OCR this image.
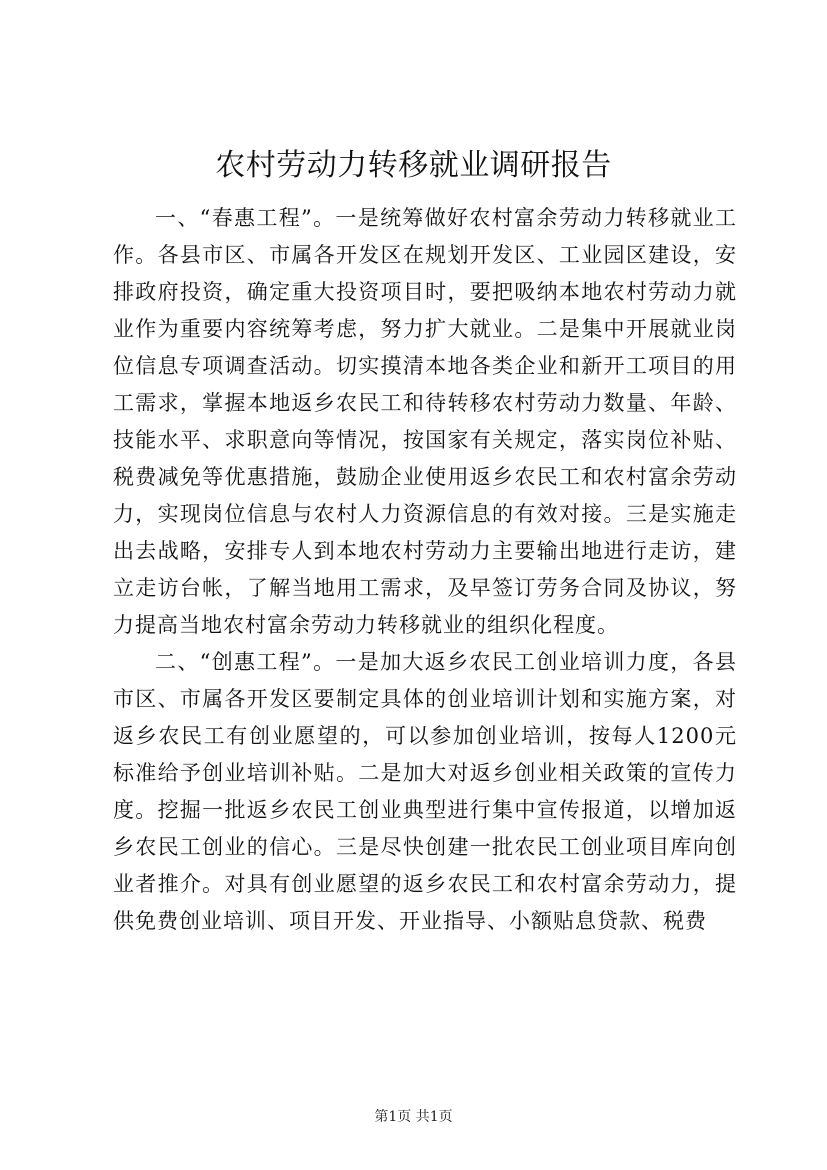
农村劳动力转移就业调研报告

一、“春惠工程”。一是统筹做好农村富余劳动力转移就业工作。各县市区、市属各开发区在规划开发区、工业园区建设，安排政府投资，确定重大投资项目时，要把吸纳本地农村劳动力就业作为重要内容统筹考虑，努力扩大就业。二是集中开展就业岗位信息专项调查活动。切实摸清本地各类企业和新开工项目的用工需求，掌握本地返乡农民工和待转移农村劳动力数量、年龄、技能水平、求职意向等情况，按国家有关规定，落实岗位补贴、税费减免等优惠措施，鼓励企业使用返乡农民工和农村富余劳动力，实现岗位信息与农村人力资源信息的有效对接。三是实施走出去战略，安排专人到本地农村劳动力主要输出地进行走访，建立走访台帐，了解当地用工需求，及早签订劳务合同及协议，努力提高当地农村富余劳动力转移就业的组织化程度。

二、“创惠工程”。一是加大返乡农民工创业培训力度，各县市区、市属各开发区要制定具体的创业培训计划和实施方案，对返乡农民工有创业愿望的，可以参加创业培训，按每人1200元标准给予创业培训补贴。二是加大对返乡创业相关政策的宣传力度。挖掘一批返乡农民工创业典型进行集中宣传报道，以增加返乡农民工创业的信心。三是尽快创建一批农民工创业项目库向创业者推介。对具有创业愿望的返乡农民工和农村富余劳动力，提供免费创业培训、项目开发、开业指导、小额贴息贷款、税费

第1页 共1页
